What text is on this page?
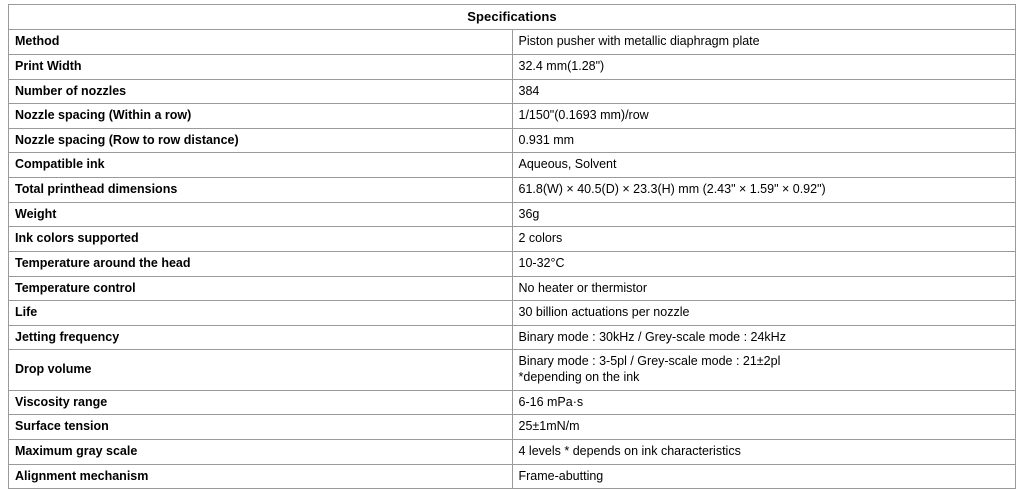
Specifications	
Method	Piston pusher with metallic diaphragm plate

Print Width	32.4 mm(1.28")

Number of nozzles	384

Nozzle spacing (Within a row)	1/150"(0.1693 mm)/row

Nozzle spacing (Row to row distance)	0.931 mm

Compatible ink	Aqueous, Solvent

Total printhead dimensions	61.8(W) × 40.5(D) × 23.3(H) mm (2.43" × 1.59" × 0.92")

Weight	36g

Ink colors supported	2 colors

Temperature around the head	10-32°C

Temperature control	No heater or thermistor

Life	30 billion actuations per nozzle

Jetting frequency	Binary mode : 30kHz / Grey-scale mode : 24kHz

Drop volume	Binary mode : 3-5pl / Grey-scale mode : 21±2pl
*depending on the ink

Viscosity range	6-16 mPa·s

Surface tension	25±1mN/m

Maximum gray scale	4 levels * depends on ink characteristics

Alignment mechanism	Frame-abutting
